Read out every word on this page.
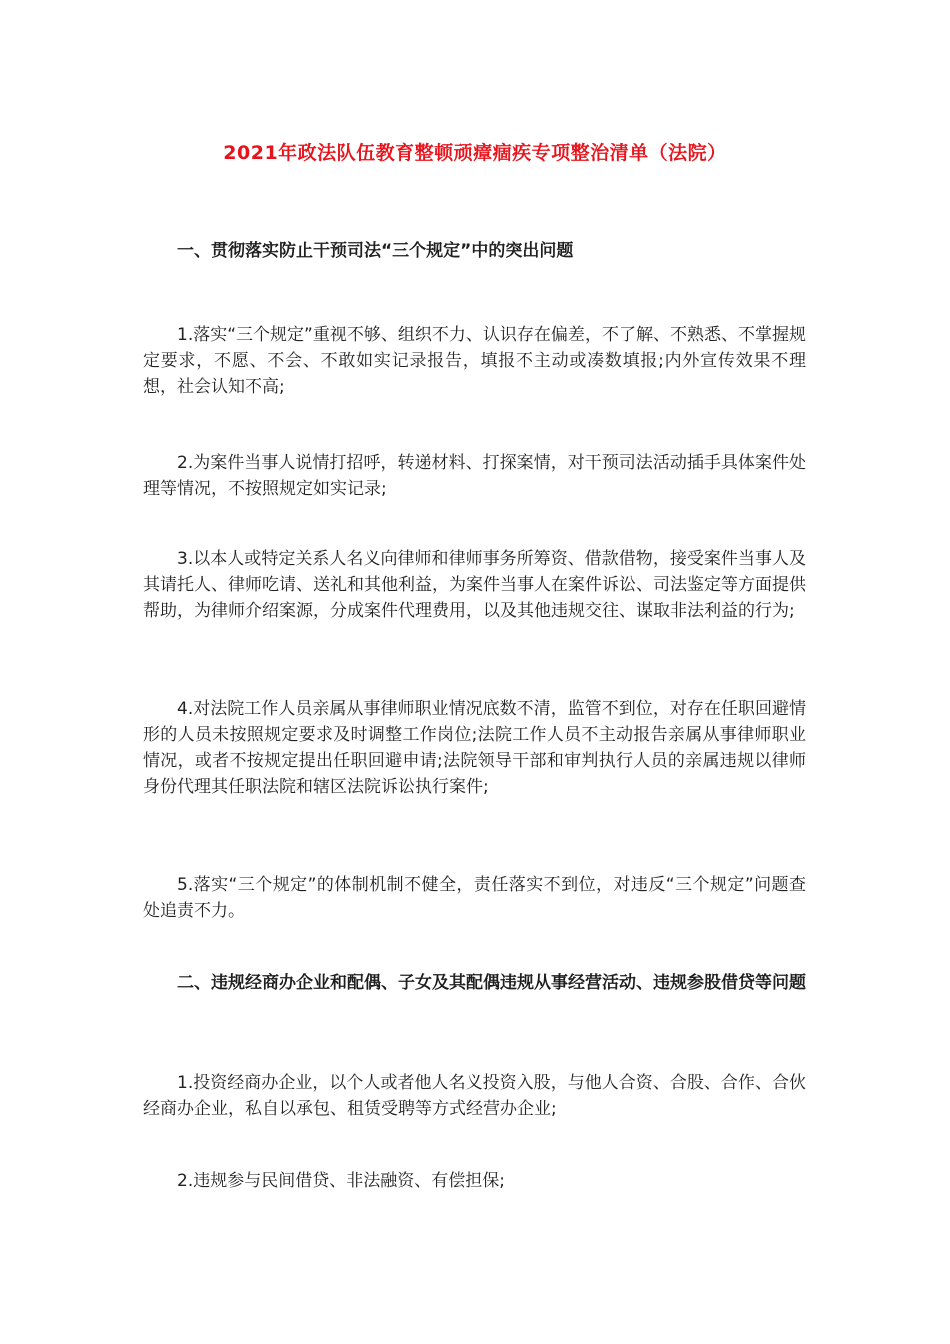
2021年政法队伍教育整顿顽瘴痼疾专项整治清单（法院）

一、贯彻落实防止干预司法“三个规定”中的突出问题

1.落实“三个规定”重视不够、组织不力、认识存在偏差，不了解、不熟悉、不掌握规定要求，不愿、不会、不敢如实记录报告，填报不主动或凑数填报;内外宣传效果不理想，社会认知不高;

2.为案件当事人说情打招呼，转递材料、打探案情，对干预司法活动插手具体案件处理等情况，不按照规定如实记录;

3.以本人或特定关系人名义向律师和律师事务所筹资、借款借物，接受案件当事人及其请托人、律师吃请、送礼和其他利益，为案件当事人在案件诉讼、司法鉴定等方面提供帮助，为律师介绍案源，分成案件代理费用，以及其他违规交往、谋取非法利益的行为;

4.对法院工作人员亲属从事律师职业情况底数不清，监管不到位，对存在任职回避情形的人员未按照规定要求及时调整工作岗位;法院工作人员不主动报告亲属从事律师职业情况，或者不按规定提出任职回避申请;法院领导干部和审判执行人员的亲属违规以律师身份代理其任职法院和辖区法院诉讼执行案件;

5.落实“三个规定”的体制机制不健全，责任落实不到位，对违反“三个规定”问题查处追责不力。

二、违规经商办企业和配偶、子女及其配偶违规从事经营活动、违规参股借贷等问题

1.投资经商办企业，以个人或者他人名义投资入股，与他人合资、合股、合作、合伙经商办企业，私自以承包、租赁受聘等方式经营办企业;

2.违规参与民间借贷、非法融资、有偿担保;
